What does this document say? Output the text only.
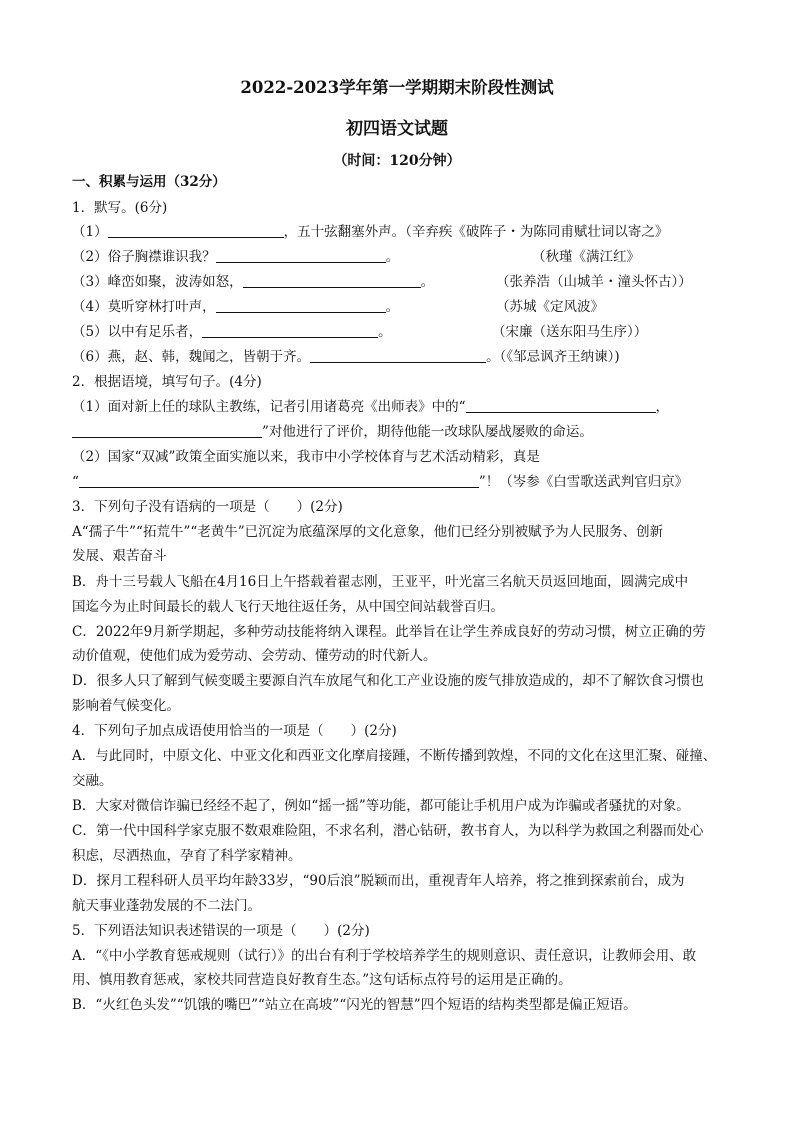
2022-2023学年第一学期期末阶段性测试
初四语文试题
（时间：120分钟）
一、积累与运用（32分）
1．默写。(6分)
（1）	，五十弦翻塞外声。（辛弃疾《破阵子・为陈同甫赋壮词以寄之》
（2）俗子胸襟谁识我？	。	（秋瑾《满江红》
（3）峰峦如聚，波涛如怒，	。	（张养浩（山城羊・潼头怀古））
（4）莫听穿林打叶声，	。	（苏城《定风波》
（5）以中有足乐者，	。	（宋廉（送东阳马生序））
（6）燕，赵、韩，魏闻之，皆朝于齐。	。（《邹忌讽齐王纳谏）)
2．根据语境，填写句子。(4分)
（1）面对新上任的球队主教练，记者引用诸葛亮《出师表》中的“	，
”对他进行了评价，期待他能一改球队屡战屡败的命运。
（2）国家“双减”政策全面实施以来，我市中小学校体育与艺术活动精彩，真是
“	”！（岑参《白雪歌送武判官归京》
3．下列句子没有语病的一项是（　　）(2分)
A“孺子牛”“拓荒牛”“老黄牛”已沉淀为底蕴深厚的文化意象，他们已经分别被赋予为人民服务、创新
发展、艰苦奋斗
B．舟十三号载人飞船在4月16日上午搭载着翟志刚，王亚平，叶光富三名航天员返回地面，圆满完成中
国迄今为止时间最长的载人飞行天地往返任务，从中国空间站载誉百归。
C．2022年9月新学期起，多种劳动技能将纳入课程。此举旨在让学生养成良好的劳动习惯，树立正确的劳
动价值观，使他们成为爱劳动、会劳动、懂劳动的时代新人。
D．很多人只了解到气候变暖主要源自汽车放尾气和化工产业设施的废气排放造成的，却不了解饮食习惯也
影响着气候变化。
4．下列句子加点成语使用恰当的一项是（　　）(2分)
A．与此同时，中原文化、中亚文化和西亚文化摩肩接踵，不断传播到敦煌，不同的文化在这里汇聚、碰撞、
交融。
B．大家对微信诈骗已经经不起了，例如“摇一摇”等功能，都可能让手机用户成为诈骗或者骚扰的对象。
C．第一代中国科学家克服不数艰难险阻，不求名利，潜心钻研，教书育人，为以科学为救国之利器而处心
积虑，尽洒热血，孕育了科学家精神。
D．探月工程科研人员平均年龄33岁，“90后浪”脱颖而出，重视青年人培养，将之推到探索前台，成为
航天事业蓬勃发展的不二法门。
5．下列语法知识表述错误的一项是（　　）(2分)
A．“《中小学教育惩戒规则（试行）》的出台有利于学校培养学生的规则意识、责任意识，让教师会用、敢
用、慎用教育惩戒，家校共同营造良好教育生态。”这句话标点符号的运用是正确的。
B．“火红色头发”“饥饿的嘴巴”“站立在高坡”“闪光的智慧”四个短语的结构类型都是偏正短语。
